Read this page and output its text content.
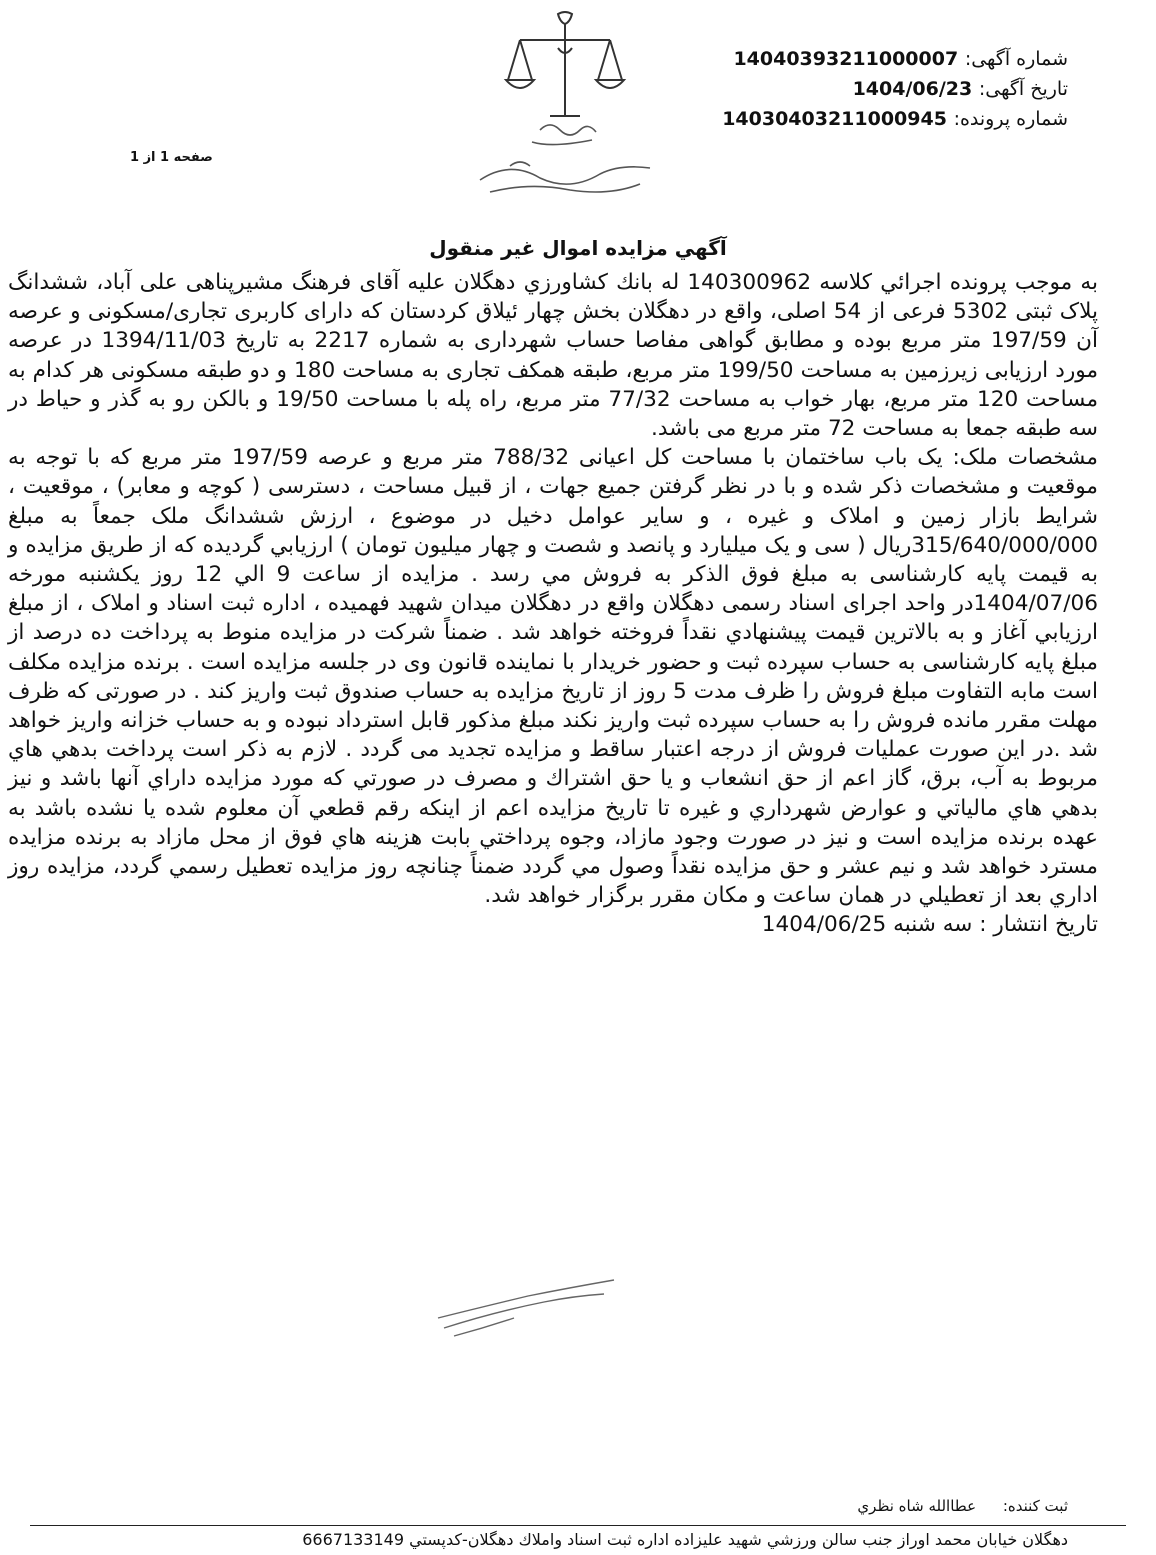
شماره آگهی: 14040393211000007
تاریخ آگهی: 1404/06/23
شماره پرونده: 14030403211000945
صفحه 1 از 1
آگهي مزايده اموال غير منقول

به موجب پرونده اجرائي كلاسه 140300962 له بانك كشاورزي دهگلان عليه آقای فرهنگ مشيرپناهی علی آباد، ششدانگ پلاک ثبتی 5302 فرعی از 54 اصلی، واقع در دهگلان بخش چهار ئیلاق کردستان که دارای کاربری تجاری/مسکونی و عرصه آن 197/59 متر مربع بوده و مطابق گواهی مفاصا حساب شهرداری به شماره 2217 به تاریخ 1394/11/03 در عرصه مورد ارزیابی زیرزمین به مساحت 199/50 متر مربع، طبقه همکف تجاری به مساحت 180 و دو طبقه مسکونی هر کدام به مساحت 120 متر مربع، بهار خواب به مساحت 77/32 متر مربع، راه پله با مساحت 19/50 و بالکن رو به گذر و حیاط در سه طبقه جمعا به مساحت 72 متر مربع می باشد.

مشخصات ملک: یک باب ساختمان با مساحت کل اعیانی 788/32 متر مربع و عرصه 197/59 متر مربع که با توجه به موقعیت و مشخصات ذکر شده و با در نظر گرفتن جمیع جهات ، از قبیل مساحت ، دسترسی ( کوچه و معابر) ، موقعیت ، شرایط بازار زمین و املاک و غیره ، و سایر عوامل دخیل در موضوع ، ارزش ششدانگ ملک جمعاً به مبلغ 315/640/000/000ریال ( سی و یک میلیارد و پانصد و شصت و چهار میلیون تومان ) ارزيابي گرديده که از طريق مزايده و به قيمت پايه کارشناسی به مبلغ فوق الذکر به فروش مي رسد . مزايده از ساعت 9 الي 12 روز يکشنبه مورخه 1404/07/06در واحد اجرای اسناد رسمی دهگلان واقع در دهگلان میدان شهید فهمیده ، اداره ثبت اسناد و املاک ، از مبلغ ارزيابي آغاز و به بالاترين قيمت پيشنهادي نقداً فروخته خواهد شد . ضمناً شرکت در مزايده منوط به پرداخت ده درصد از مبلغ پايه کارشناسی به حساب سپرده ثبت و حضور خریدار با نماینده قانون وی در جلسه مزایده است . برنده مزایده مکلف است مابه التفاوت مبلغ فروش را ظرف مدت 5 روز از تاریخ مزایده به حساب صندوق ثبت واریز کند . در صورتی که ظرف مهلت مقرر مانده فروش را به حساب سپرده ثبت واریز نکند مبلغ مذکور قابل استرداد نبوده و به حساب خزانه واریز خواهد شد .در این صورت عملیات فروش از درجه اعتبار ساقط و مزایده تجدید می گردد . لازم به ذکر است پرداخت بدهي هاي مربوط به آب، برق، گاز اعم از حق انشعاب و يا حق اشتراك و مصرف در صورتي كه مورد مزايده داراي آنها باشد و نيز بدهي هاي مالياتي و عوارض شهرداري و غيره تا تاريخ مزايده اعم از اينكه رقم قطعي آن معلوم شده يا نشده باشد به عهده برنده مزايده است و نيز در صورت وجود مازاد، وجوه پرداختي بابت هزينه هاي فوق از محل مازاد به برنده مزايده مسترد خواهد شد و نيم عشر و حق مزايده نقداً وصول مي گردد ضمناً چنانچه روز مزايده تعطيل رسمي گردد، مزايده روز اداري بعد از تعطيلي در همان ساعت و مكان مقرر برگزار خواهد شد.

تاریخ انتشار : سه شنبه 1404/06/25

ثبت کننده: عطاالله شاه نظري
دهگلان خيابان محمد اوراز جنب سالن ورزشي شهيد عليزاده اداره ثبت اسناد واملاك دهگلان-كدپستي 6667133149
